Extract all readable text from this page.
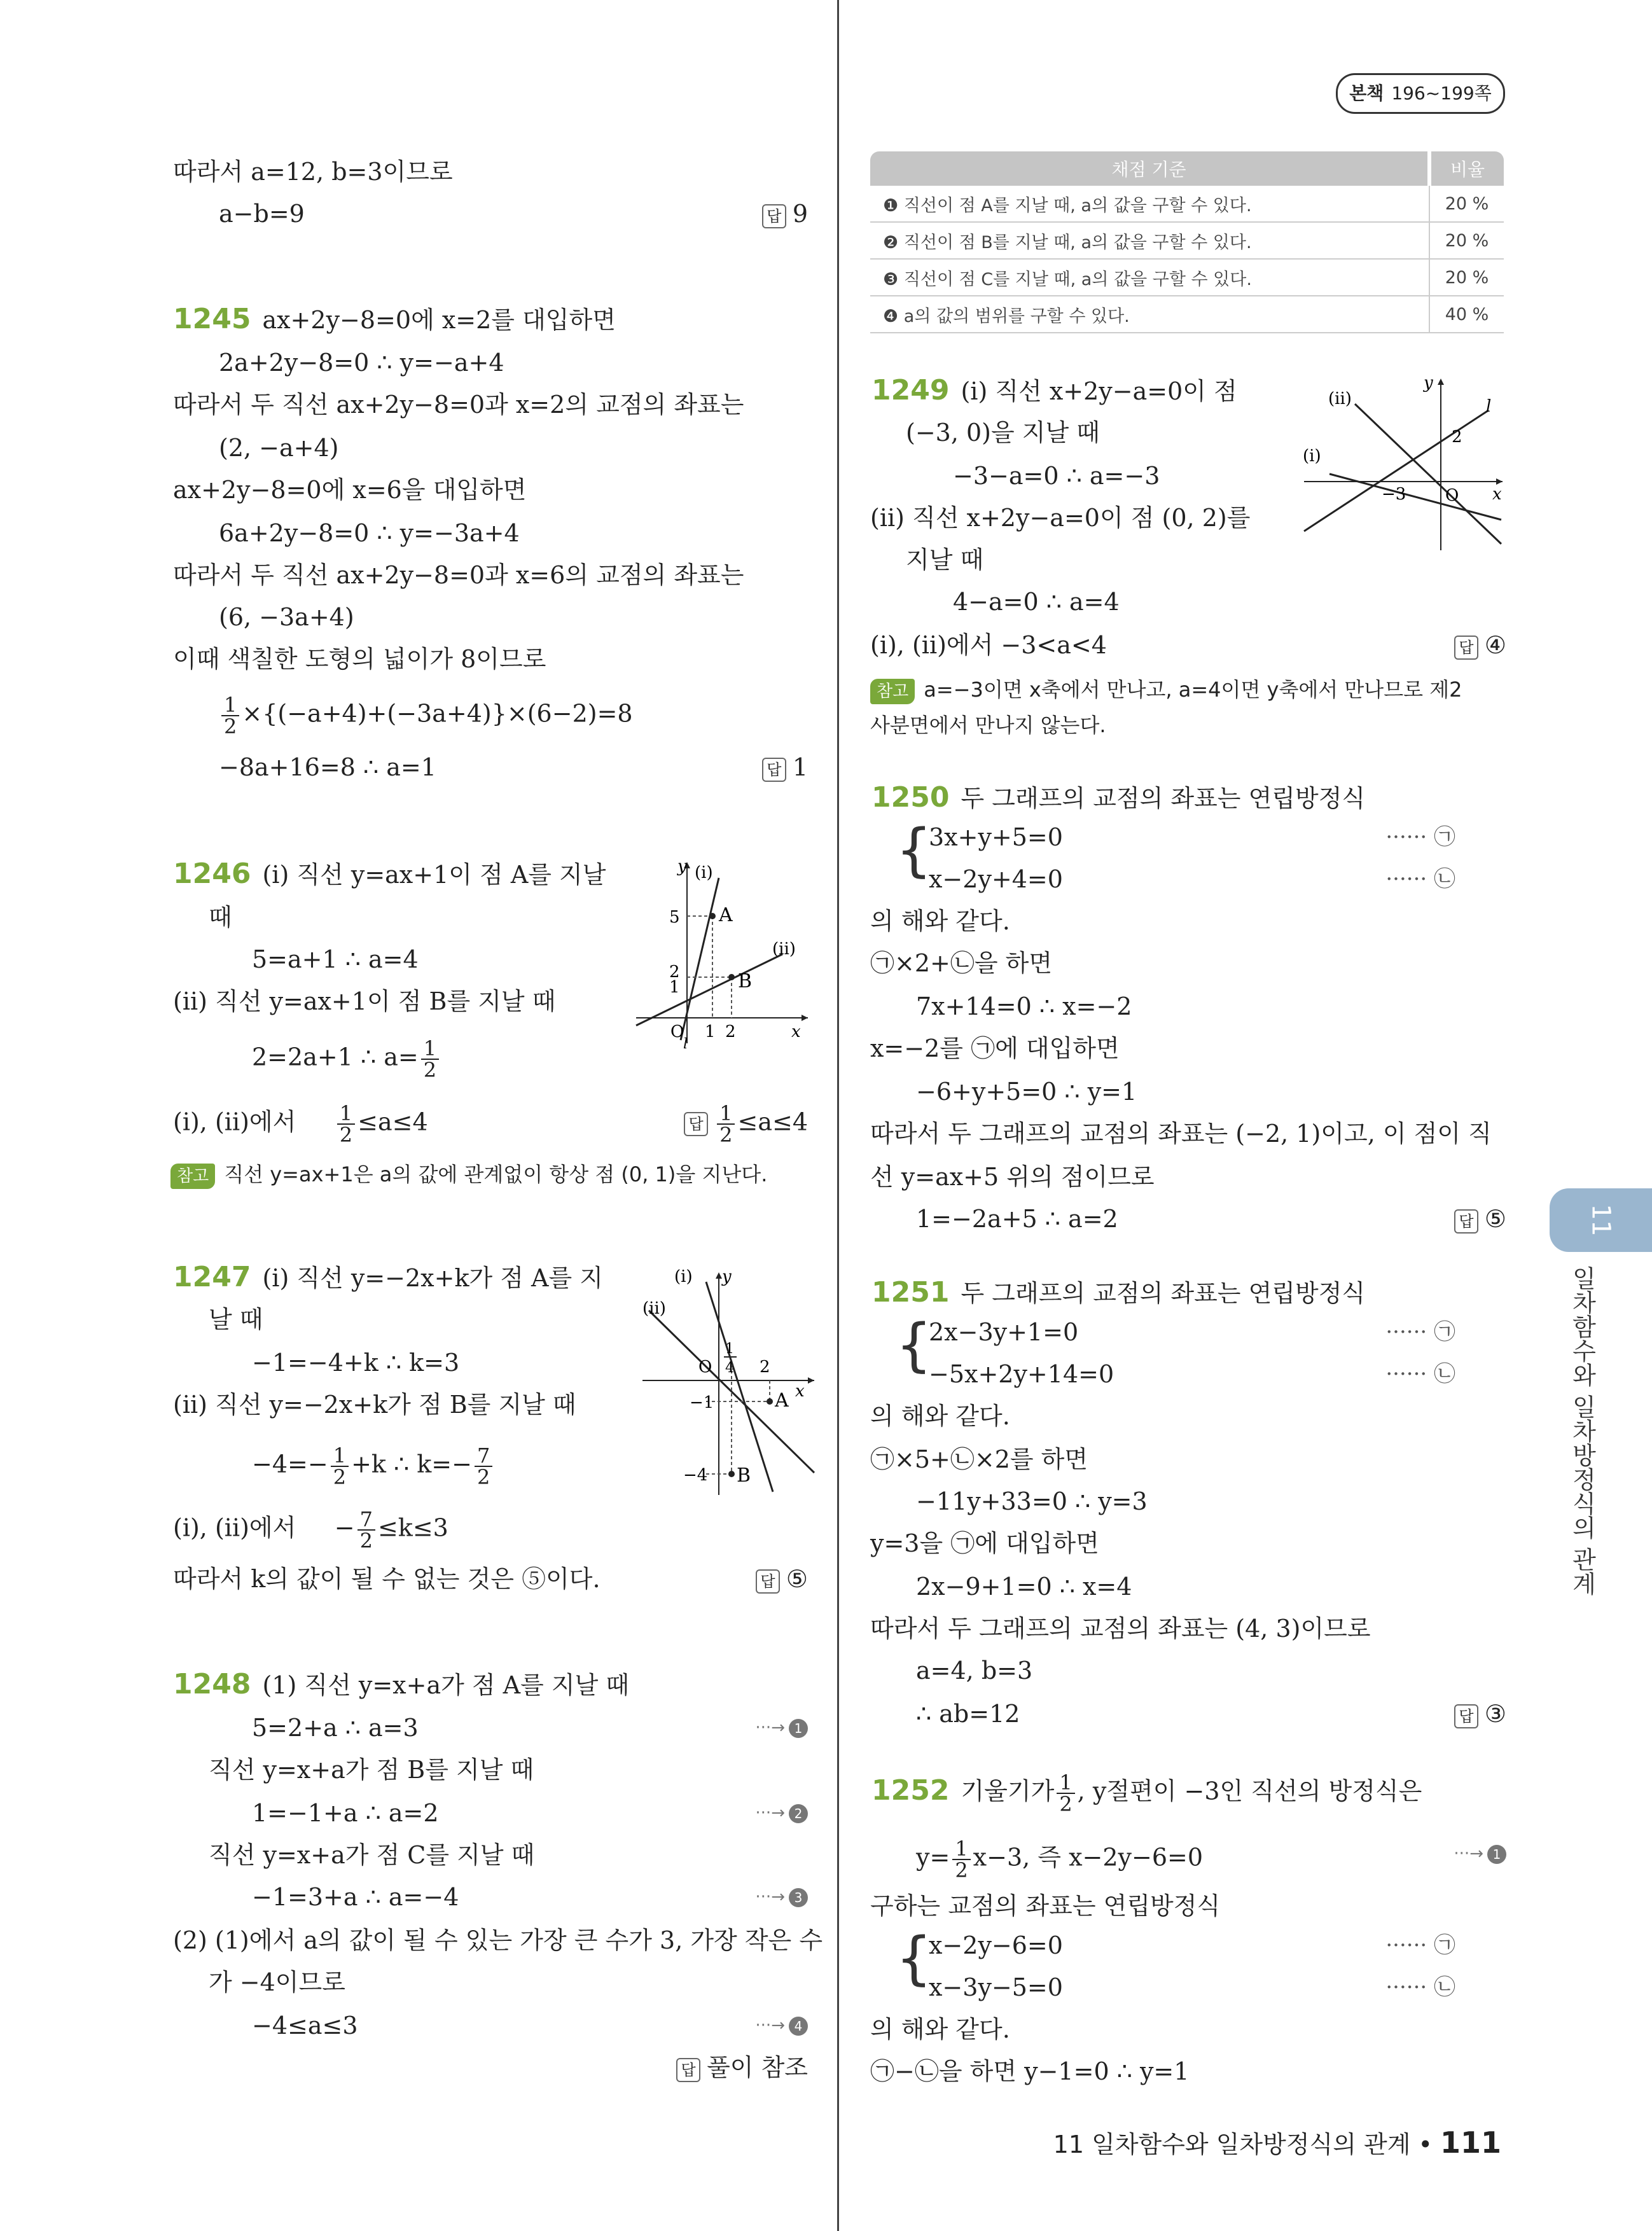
본책 196~199쪽
따라서 a=12, b=3이므로
a−b=9	답 9
1245 ax+2y−8=0에 x=2를 대입하면
2a+2y−8=0 ∴ y=−a+4
따라서 두 직선 ax+2y−8=0과 x=2의 교점의 좌표는
(2, −a+4)
ax+2y−8=0에 x=6을 대입하면
6a+2y−8=0 ∴ y=−3a+4
따라서 두 직선 ax+2y−8=0과 x=6의 교점의 좌표는
(6, −3a+4)
이때 색칠한 도형의 넓이가 8이므로
$\frac{1}{2} \times\{(-a+4)+(-3a+4)\}\times(6-2)=8$
−8a+16=8 ∴ a=1	답 1
1246 (i) 직선 y=ax+1이 점 A를 지날
때
5=a+1 ∴ a=4
(ii) 직선 y=ax+1이 점 B를 지날 때
2=2a+1 ∴ $a= \frac{1}{2}$
(i), (ii)에서 $\frac{1}{2} \le a\le 4$	답 $\frac{1}{2} \le a\le 4$
참고 직선 y=ax+1은 a의 값에 관계없이 항상 점 (0, 1)을 지난다.
1247 (i) 직선 y=−2x+k가 점 A를 지
날 때
−1=−4+k ∴ k=3
(ii) 직선 y=−2x+k가 점 B를 지날 때
$-4=- \frac{1}{2} +k$ ∴ $k=- \frac{7}{2}$
(i), (ii)에서     − $\frac{7}{2} \le k\le 3$
따라서 k의 값이 될 수 없는 것은 ⑤이다.	답 ⑤
1248 (1) 직선 y=x+a가 점 A를 지날 때
5=2+a ∴ a=3	···→ 1
직선 y=x+a가 점 B를 지날 때
1=−1+a ∴ a=2	···→ 2
직선 y=x+a가 점 C를 지날 때
−1=3+a ∴ a=−4	···→ 3
(2) (1)에서 a의 값이 될 수 있는 가장 큰 수가 3, 가장 작은 수
가 −4이므로
−4≤a≤3	···→ 4
답 풀이 참조
A
B
y (i)
(ii)
5
2
1
O 1 2	x
l
A
B
y
(i)
(ii)
O
1
4 2
−1
−4
x
채점 기준	비율
❶ 직선이 점 A를 지날 때, a의 값을 구할 수 있다.	20 %
❷ 직선이 점 B를 지날 때, a의 값을 구할 수 있다.	20 %
❸ 직선이 점 C를 지날 때, a의 값을 구할 수 있다.	20 %
❹ a의 값의 범위를 구할 수 있다.	40 %
1249 (i) 직선 x+2y−a=0이 점
(−3, 0)을 지날 때
−3−a=0 ∴ a=−3
(ii) 직선 x+2y−a=0이 점 (0, 2)를
지날 때
4−a=0 ∴ a=4
(i), (ii)에서 −3<a<4	답 ④
참고 a=−3이면 x축에서 만나고, a=4이면 y축에서 만나므로 제2
사분면에서 만나지 않는다.
1250 두 그래프의 교점의 좌표는 연립방정식
{
3x+y+5=0	······ ㉠
x−2y+4=0	······ ㉡
의 해와 같다.
㉠×2+㉡을 하면
7x+14=0 ∴ x=−2
x=−2를 ㉠에 대입하면
−6+y+5=0 ∴ y=1
따라서 두 그래프의 교점의 좌표는 (−2, 1)이고, 이 점이 직
선 y=ax+5 위의 점이므로
1=−2a+5 ∴ a=2	답 ⑤
1251 두 그래프의 교점의 좌표는 연립방정식
{
2x−3y+1=0	······ ㉠
−5x+2y+14=0	······ ㉡
의 해와 같다.
㉠×5+㉡×2를 하면
−11y+33=0 ∴ y=3
y=3을 ㉠에 대입하면
2x−9+1=0 ∴ x=4
따라서 두 그래프의 교점의 좌표는 (4, 3)이므로
a=4, b=3
∴ ab=12	답 ③
1252 기울기가 $\frac{1}{2}$ , y절편이 −3인 직선의 방정식은
$y= \frac{1}{2} x-3$, 즉 x−2y−6=0	···→ 1
구하는 교점의 좌표는 연립방정식
{
x−2y−6=0	······ ㉠
x−3y−5=0	······ ㉡
의 해와 같다.
㉠−㉡을 하면 y−1=0 ∴ y=1
y
l
(ii)
(i)
2
−3 O x
11
일차함수와 일차방정식의 관계
11 일차함수와 일차방정식의 관계 • 111
